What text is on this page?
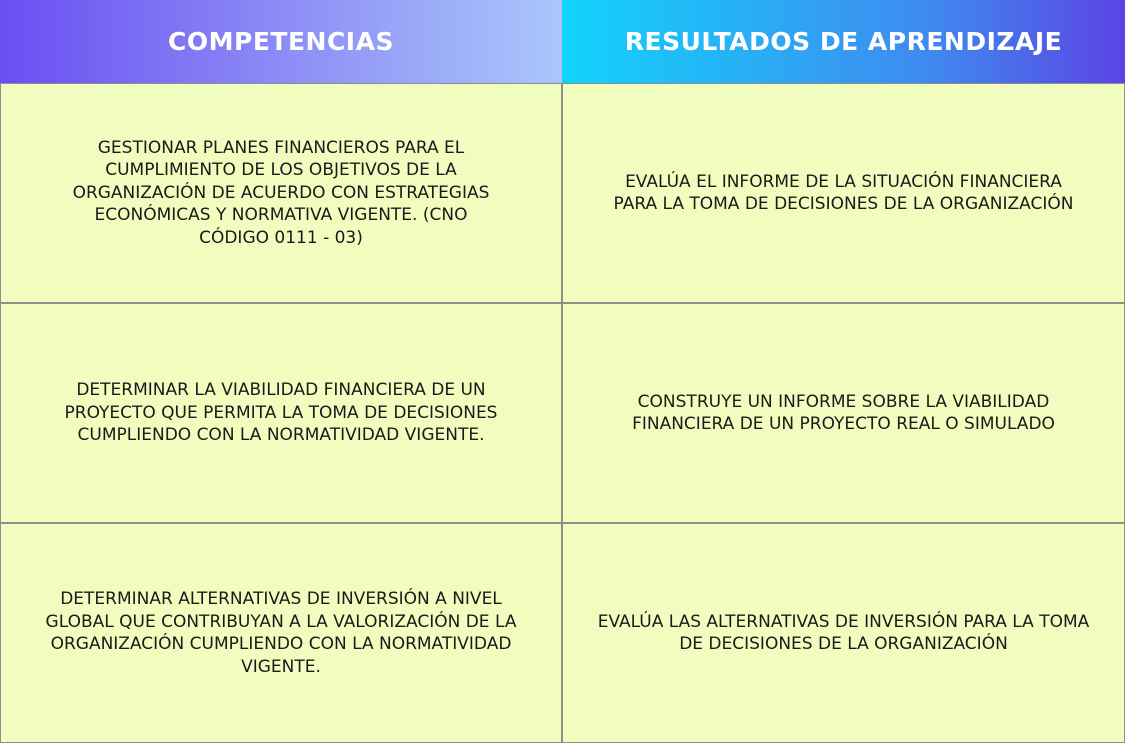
COMPETENCIAS	RESULTADOS DE APRENDIZAJE
GESTIONAR PLANES FINANCIEROS PARA EL CUMPLIMIENTO DE LOS OBJETIVOS DE LA ORGANIZACIÓN DE ACUERDO CON ESTRATEGIAS ECONÓMICAS Y NORMATIVA VIGENTE. (CNO CÓDIGO 0111 - 03)
EVALÚA EL INFORME DE LA SITUACIÓN FINANCIERA PARA LA TOMA DE DECISIONES DE LA ORGANIZACIÓN
DETERMINAR LA VIABILIDAD FINANCIERA DE UN PROYECTO QUE PERMITA LA TOMA DE DECISIONES CUMPLIENDO CON LA NORMATIVIDAD VIGENTE.
CONSTRUYE UN INFORME SOBRE LA VIABILIDAD FINANCIERA DE UN PROYECTO REAL O SIMULADO
DETERMINAR ALTERNATIVAS DE INVERSIÓN A NIVEL GLOBAL QUE CONTRIBUYAN A LA VALORIZACIÓN DE LA ORGANIZACIÓN CUMPLIENDO CON LA NORMATIVIDAD VIGENTE.
EVALÚA LAS ALTERNATIVAS DE INVERSIÓN PARA LA TOMA DE DECISIONES DE LA ORGANIZACIÓN
